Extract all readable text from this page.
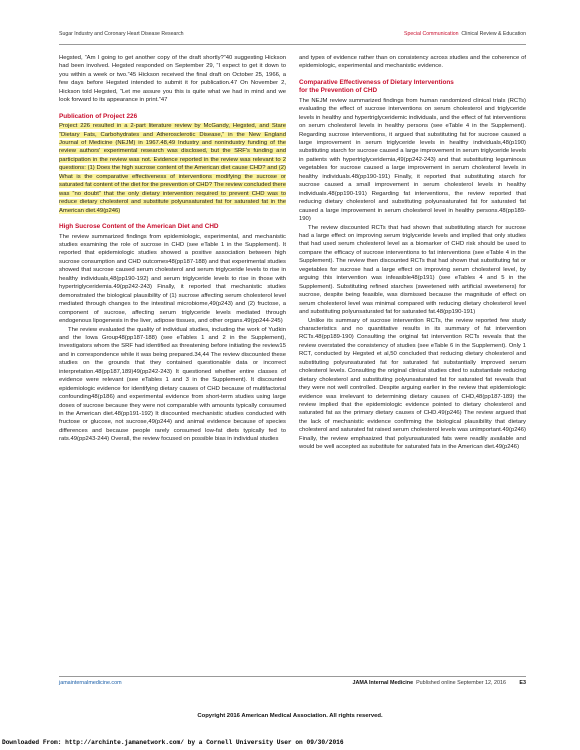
Sugar Industry and Coronary Heart Disease Research	Special Communication Clinical Review & Education

Hegsted, “Am I going to get another copy of the draft shortly?”40 suggesting Hickson had been involved. Hegsted responded on September 29, “I expect to get it down to you within a week or two.”45 Hickson received the final draft on October 25, 1966, a few days before Hegsted intended to submit it for publication.47 On November 2, Hickson told Hegsted, “Let me assure you this is quite what we had in mind and we look forward to its appearance in print.”47

Publication of Project 226

Project 226 resulted in a 2-part literature review by McGandy, Hegsted, and Stare “Dietary Fats, Carbohydrates and Atherosclerotic Disease,” in the New England Journal of Medicine (NEJM) in 1967.48,49 Industry and nonindustry funding of the review authors' experimental research was disclosed, but the SRF's funding and participation in the review was not. Evidence reported in the review was relevant to 2 questions: (1) Does the high sucrose content of the American diet cause CHD? and (2) What is the comparative effectiveness of interventions modifying the sucrose or saturated fat content of the diet for the prevention of CHD? The review concluded there was “no doubt” that the only dietary intervention required to prevent CHD was to reduce dietary cholesterol and substitute polyunsaturated fat for saturated fat in the American diet.49(p246)

High Sucrose Content of the American Diet and CHD

The review summarized findings from epidemiologic, experimental, and mechanistic studies examining the role of sucrose in CHD (see eTable 1 in the Supplement). It reported that epidemiologic studies showed a positive association between high sucrose consumption and CHD outcomes48(pp187-188) and that experimental studies showed that sucrose caused serum cholesterol and serum triglyceride levels to rise in healthy individuals,48(pp190-192) and serum triglyceride levels to rise in those with hypertriglyceridemia.49(pp242-243) Finally, it reported that mechanistic studies demonstrated the biological plausibility of (1) sucrose affecting serum cholesterol level mediated through changes to the intestinal microbiome,49(p243) and (2) fructose, a component of sucrose, affecting serum triglyceride levels mediated through endogenous lipogenesis in the liver, adipose tissues, and other organs.49(pp244-245)

The review evaluated the quality of individual studies, including the work of Yudkin and the Iowa Group48(pp187-188) (see eTables 1 and 2 in the Supplement), investigators whom the SRF had identified as threatening before initiating the review15 and in correspondence while it was being prepared.34,44 The review discounted these studies on the grounds that they contained questionable data or incorrect interpretation.48(pp187,189)49(pp242-243) It questioned whether entire classes of evidence were relevant (see eTables 1 and 3 in the Supplement). It discounted epidemiologic evidence for identifying dietary causes of CHD because of multifactorial confounding48(p186) and experimental evidence from short-term studies using large doses of sucrose because they were not comparable with amounts typically consumed in the American diet.48(pp191-192) It discounted mechanistic studies conducted with fructose or glucose, not sucrose,49(p244) and animal evidence because of species differences and because people rarely consumed low-fat diets typically fed to rats.49(pp243-244) Overall, the review focused on possible bias in individual studies

and types of evidence rather than on consistency across studies and the coherence of epidemiologic, experimental and mechanistic evidence.

Comparative Effectiveness of Dietary Interventions
for the Prevention of CHD

The NEJM review summarized findings from human randomized clinical trials (RCTs) evaluating the effect of sucrose interventions on serum cholesterol and triglyceride levels in healthy and hypertriglyceridemic individuals, and the effect of fat interventions on serum cholesterol levels in healthy persons (see eTable 4 in the Supplement). Regarding sucrose interventions, it argued that substituting fat for sucrose caused a large improvement in serum triglyceride levels in healthy individuals,48(p190) substituting starch for sucrose caused a large improvement in serum triglyceride levels in patients with hypertriglyceridemia,49(pp242-243) and that substituting leguminous vegetables for sucrose caused a large improvement in serum cholesterol levels in healthy individuals.48(pp190-191) Finally, it reported that substituting starch for sucrose caused a small improvement in serum cholesterol levels in healthy individuals.48(pp190-191) Regarding fat interventions, the review reported that reducing dietary cholesterol and substituting polyunsaturated fat for saturated fat caused a large improvement in serum cholesterol level in healthy persons.48(pp189-190)

The review discounted RCTs that had shown that substituting starch for sucrose had a large effect on improving serum triglyceride levels and implied that only studies that had used serum cholesterol level as a biomarker of CHD risk should be used to compare the efficacy of sucrose interventions to fat interventions (see eTable 4 in the Supplement). The review then discounted RCTs that had shown that substituting fat or vegetables for sucrose had a large effect on improving serum cholesterol level, by arguing this intervention was infeasible48(p191) (see eTables 4 and 5 in the Supplement). Substituting refined starches (sweetened with artificial sweeteners) for sucrose, despite being feasible, was dismissed because the magnitude of effect on serum cholesterol level was minimal compared with reducing dietary cholesterol level and substituting polyunsaturated fat for saturated fat.48(pp190-191)

Unlike its summary of sucrose intervention RCTs, the review reported few study characteristics and no quantitative results in its summary of fat intervention RCTs.48(pp189-190) Consulting the original fat intervention RCTs reveals that the review overstated the consistency of studies (see eTable 6 in the Supplement). Only 1 RCT, conducted by Hegsted et al,50 concluded that reducing dietary cholesterol and substituting polyunsaturated fat for saturated fat substantially improved serum cholesterol levels. Consulting the original clinical studies cited to substantiate reducing dietary cholesterol and substituting polyunsaturated fat for saturated fat reveals that they were not well controlled. Despite arguing earlier in the review that epidemiologic evidence was irrelevant to determining dietary causes of CHD,48(pp187-189) the review implied that the epidemiologic evidence pointed to dietary cholesterol and saturated fat as the primary dietary causes of CHD.49(p246) The review argued that the lack of mechanistic evidence confirming the biological plausibility that dietary cholesterol and saturated fat raised serum cholesterol levels was unimportant.49(p246) Finally, the review emphasized that polyunsaturated fats were readily available and would be well accepted as substitute for saturated fats in the American diet.49(p246)

jamainternalmedicine.com	JAMA Internal Medicine Published online September 12, 2016 E3
Copyright 2016 American Medical Association. All rights reserved.
Downloaded From: http://archinte.jamanetwork.com/ by a Cornell University User on 09/30/2016
